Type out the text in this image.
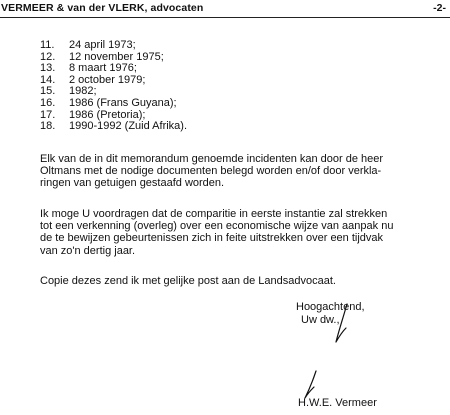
VERMEER & van der VLERK, advocaten	-2-
11. 24 april 1973;
12. 12 november 1975;
13. 8 maart 1976;
14. 2 october 1979;
15. 1982;
16. 1986 (Frans Guyana);
17. 1986 (Pretoria);
18. 1990-1992 (Zuid Afrika).

Elk van de in dit memorandum genoemde incidenten kan door de heer
Oltmans met de nodige documenten belegd worden en/of door verkla-
ringen van getuigen gestaafd worden.

Ik moge U voordragen dat de comparitie in eerste instantie zal strekken
tot een verkenning (overleg) over een economische wijze van aanpak nu
de te bewijzen gebeurtenissen zich in feite uitstrekken over een tijdvak
van zo'n dertig jaar.

Copie dezes zend ik met gelijke post aan de Landsadvocaat.

Hoogachtend,
Uw dw.,
H.W.E. Vermeer
